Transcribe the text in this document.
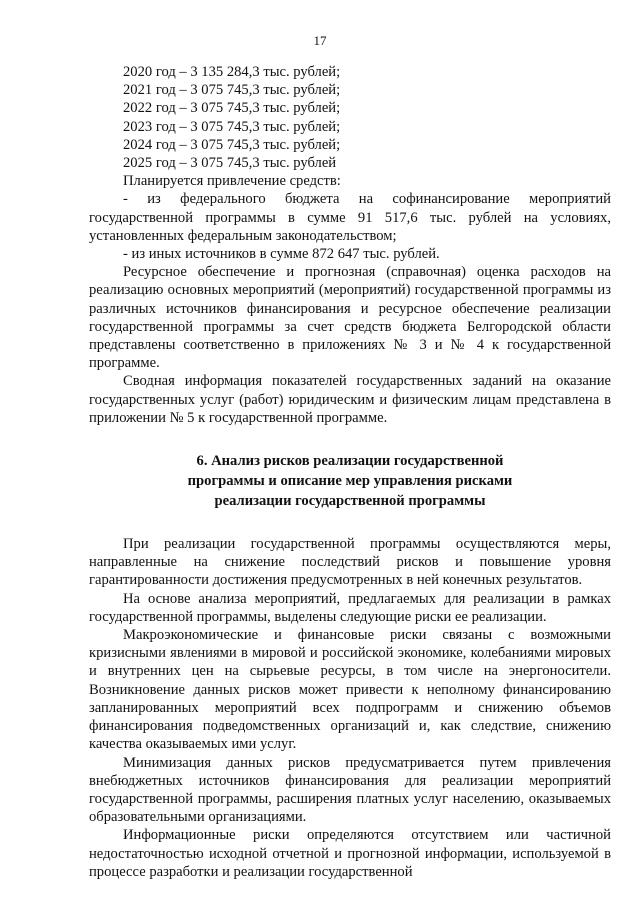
17
2020 год – 3 135 284,3 тыс. рублей;
2021 год – 3 075 745,3 тыс. рублей;
2022 год – 3 075 745,3 тыс. рублей;
2023 год – 3 075 745,3 тыс. рублей;
2024 год – 3 075 745,3 тыс. рублей;
2025 год – 3 075 745,3 тыс. рублей

Планируется привлечение средств:

- из федерального бюджета на софинансирование мероприятий государственной программы в сумме 91 517,6 тыс. рублей на условиях, установленных федеральным законодательством;

- из иных источников в сумме 872 647 тыс. рублей.

Ресурсное обеспечение и прогнозная (справочная) оценка расходов на реализацию основных мероприятий (мероприятий) государственной программы из различных источников финансирования и ресурсное обеспечение реализации государственной программы за счет средств бюджета Белгородской области представлены соответственно в приложениях № 3 и № 4 к государственной программе.

Сводная информация показателей государственных заданий на оказание государственных услуг (работ) юридическим и физическим лицам представлена в приложении № 5 к государственной программе.

6. Анализ рисков реализации государственной
программы и описание мер управления рисками
реализации государственной программы

При реализации государственной программы осуществляются меры, направленные на снижение последствий рисков и повышение уровня гарантированности достижения предусмотренных в ней конечных результатов.

На основе анализа мероприятий, предлагаемых для реализации в рамках государственной программы, выделены следующие риски ее реализации.

Макроэкономические и финансовые риски связаны с возможными кризисными явлениями в мировой и российской экономике, колебаниями мировых и внутренних цен на сырьевые ресурсы, в том числе на энергоносители. Возникновение данных рисков может привести к неполному финансированию запланированных мероприятий всех подпрограмм и снижению объемов финансирования подведомственных организаций и, как следствие, снижению качества оказываемых ими услуг.

Минимизация данных рисков предусматривается путем привлечения внебюджетных источников финансирования для реализации мероприятий государственной программы, расширения платных услуг населению, оказываемых образовательными организациями.

Информационные риски определяются отсутствием или частичной недостаточностью исходной отчетной и прогнозной информации, используемой в процессе разработки и реализации государственной
